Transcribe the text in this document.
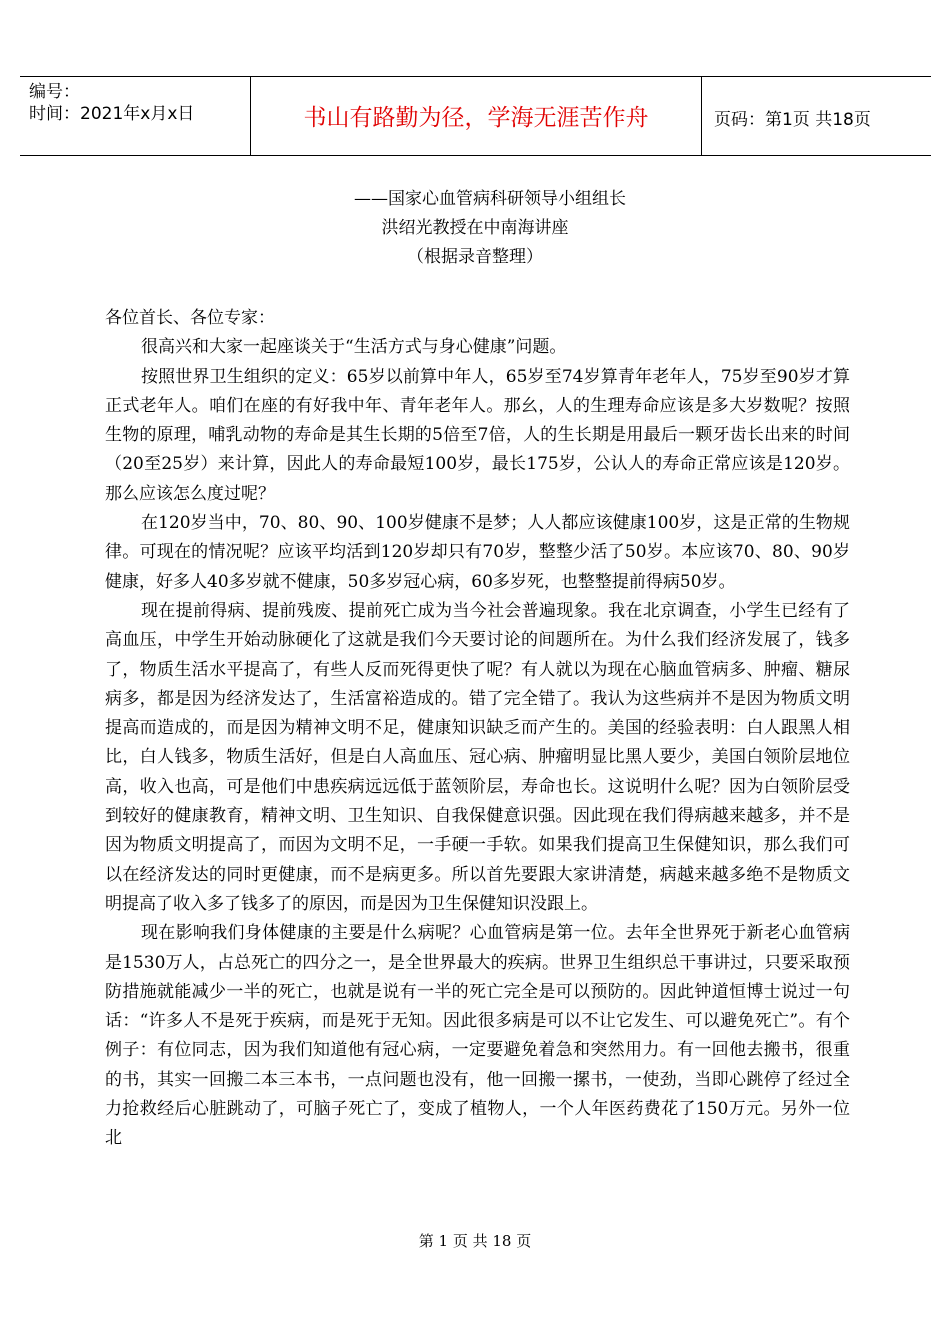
编号：
时间：2021年x月x日	书山有路勤为径，学海无涯苦作舟	页码：第1页 共18页
——国家心血管病科研领导小组组长
洪绍光教授在中南海讲座
（根据录音整理）

各位首长、各位专家：

很高兴和大家一起座谈关于“生活方式与身心健康”问题。

按照世界卫生组织的定义：65岁以前算中年人，65岁至74岁算青年老年人，75岁至90岁才算正式老年人。咱们在座的有好我中年、青年老年人。那幺，人的生理寿命应该是多大岁数呢？按照生物的原理，哺乳动物的寿命是其生长期的5倍至7倍，人的生长期是用最后一颗牙齿长出来的时间（20至25岁）来计算，因此人的寿命最短100岁，最长175岁，公认人的寿命正常应该是120岁。那么应该怎么度过呢？

在120岁当中，70、80、90、100岁健康不是梦；人人都应该健康100岁，这是正常的生物规律。可现在的情况呢？应该平均活到120岁却只有70岁，整整少活了50岁。本应该70、80、90岁健康，好多人40多岁就不健康，50多岁冠心病，60多岁死，也整整提前得病50岁。

现在提前得病、提前残废、提前死亡成为当今社会普遍现象。我在北京调查，小学生已经有了高血压，中学生开始动脉硬化了这就是我们今天要讨论的间题所在。为什么我们经济发展了，钱多了，物质生活水平提高了，有些人反而死得更快了呢？有人就以为现在心脑血管病多、肿瘤、糖尿病多，都是因为经济发达了，生活富裕造成的。错了完全错了。我认为这些病并不是因为物质文明提高而造成的，而是因为精神文明不足，健康知识缺乏而产生的。美国的经验表明：白人跟黑人相比，白人钱多，物质生活好，但是白人高血压、冠心病、肿瘤明显比黑人要少，美国白领阶层地位高，收入也高，可是他们中患疾病远远低于蓝领阶层，寿命也长。这说明什么呢？因为白领阶层受到较好的健康教育，精神文明、卫生知识、自我保健意识强。因此现在我们得病越来越多，并不是因为物质文明提高了，而因为文明不足，一手硬一手软。如果我们提高卫生保健知识，那么我们可以在经济发达的同时更健康，而不是病更多。所以首先要跟大家讲清楚，病越来越多绝不是物质文明提高了收入多了钱多了的原因，而是因为卫生保健知识没跟上。

现在影响我们身体健康的主要是什么病呢？心血管病是第一位。去年全世界死于新老心血管病是1530万人，占总死亡的四分之一，是全世界最大的疾病。世界卫生组织总干事讲过，只要采取预防措施就能减少一半的死亡，也就是说有一半的死亡完全是可以预防的。因此钟道恒博士说过一句话：“许多人不是死于疾病，而是死于无知。因此很多病是可以不让它发生、可以避免死亡”。有个例子：有位同志，因为我们知道他有冠心病，一定要避免着急和突然用力。有一回他去搬书，很重的书，其实一回搬二本三本书，一点问题也没有，他一回搬一摞书，一使劲，当即心跳停了经过全力抢救经后心脏跳动了，可脑子死亡了，变成了植物人，一个人年医药费花了150万元。另外一位北

第 1 页 共 18 页
